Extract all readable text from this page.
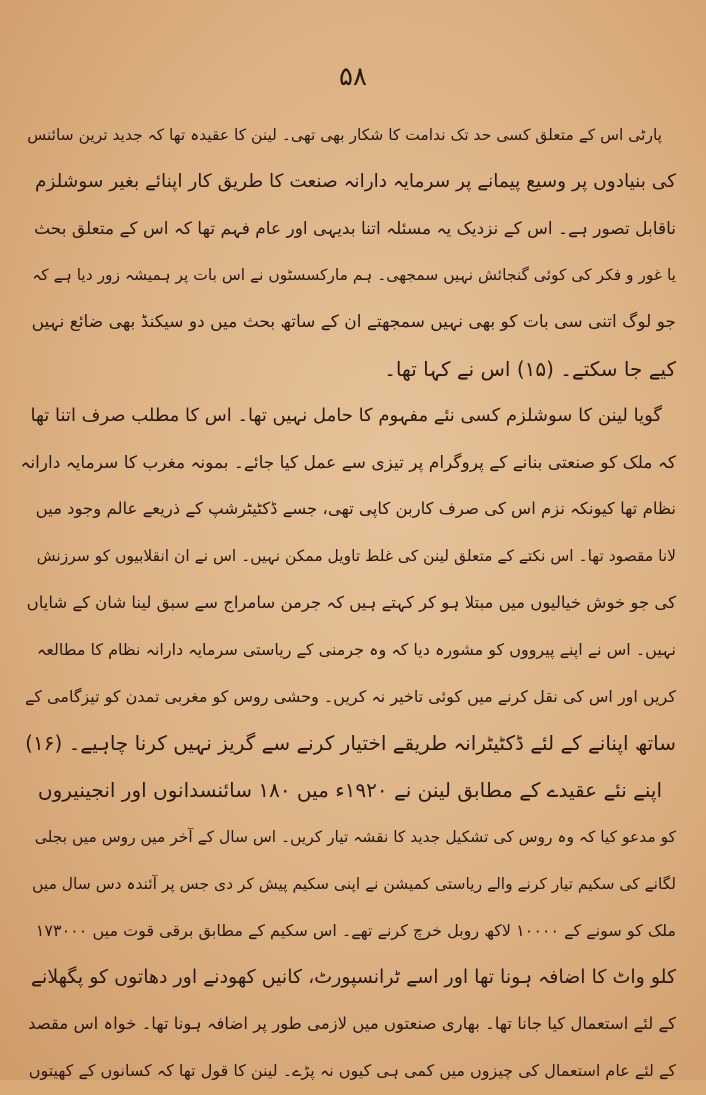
۵۸
پارٹی اس کے متعلق کسی حد تک ندامت کا شکار بھی تھی۔ لینن کا عقیدہ تھا کہ جدید ترین سائنس
کی بنیادوں پر وسیع پیمانے پر سرمایہ دارانہ صنعت کا طریق کار اپنائے بغیر سوشلزم
ناقابل تصور ہے۔ اس کے نزدیک یہ مسئلہ اتنا بدیہی اور عام فہم تھا کہ اس کے متعلق بحث
یا غور و فکر کی کوئی گنجائش نہیں سمجھی۔ ہم مارکسسٹوں نے اس بات پر ہمیشہ زور دیا ہے کہ
جو لوگ اتنی سی بات کو بھی نہیں سمجھتے ان کے ساتھ بحث میں دو سیکنڈ بھی ضائع نہیں
کیے جا سکتے۔ (۱۵) اس نے کہا تھا۔
گویا لینن کا سوشلزم کسی نئے مفہوم کا حامل نہیں تھا۔ اس کا مطلب صرف اتنا تھا
کہ ملک کو صنعتی بنانے کے پروگرام پر تیزی سے عمل کیا جائے۔ بمونہ مغرب کا سرمایہ دارانہ
نظام تھا کیونکہ نزم اس کی صرف کاربن کاپی تھی، جسے ڈکٹیٹرشپ کے ذریعے عالم وجود میں
لانا مقصود تھا۔ اس نکتے کے متعلق لینن کی غلط تاویل ممکن نہیں۔ اس نے ان انقلابیوں کو سرزنش
کی جو خوش خیالیوں میں مبتلا ہو کر کہتے ہیں کہ جرمن سامراج سے سبق لینا شان کے شایاں
نہیں۔ اس نے اپنے پیرووں کو مشورہ دیا کہ وہ جرمنی کے ریاستی سرمایہ دارانہ نظام کا مطالعہ
کریں اور اس کی نقل کرنے میں کوئی تاخیر نہ کریں۔ وحشی روس کو مغربی تمدن کو تیزگامی کے
ساتھ اپنانے کے لئے ڈکٹیٹرانہ طریقے اختیار کرنے سے گریز نہیں کرنا چاہیے۔ (۱۶)
اپنے نئے عقیدے کے مطابق لینن نے ۱۹۲۰ء میں ۱۸۰ سائنسدانوں اور انجینیروں
کو مدعو کیا کہ وہ روس کی تشکیل جدید کا نقشہ تیار کریں۔ اس سال کے آخر میں روس میں بجلی
لگانے کی سکیم تیار کرنے والے ریاستی کمیشن نے اپنی سکیم پیش کر دی جس پر آئندہ دس سال میں
ملک کو سونے کے ۱۰۰۰۰ لاکھ روبل خرچ کرنے تھے۔ اس سکیم کے مطابق برقی قوت میں ۱۷۳۰۰۰
کلو واٹ کا اضافہ ہونا تھا اور اسے ٹرانسپورٹ، کانیں کھودنے اور دھاتوں کو پگھلانے
کے لئے استعمال کیا جانا تھا۔ بھاری صنعتوں میں لازمی طور پر اضافہ ہونا تھا۔ خواہ اس مقصد
کے لئے عام استعمال کی چیزوں میں کمی ہی کیوں نہ پڑے۔ لینن کا قول تھا کہ کسانوں کے کھیتوں
